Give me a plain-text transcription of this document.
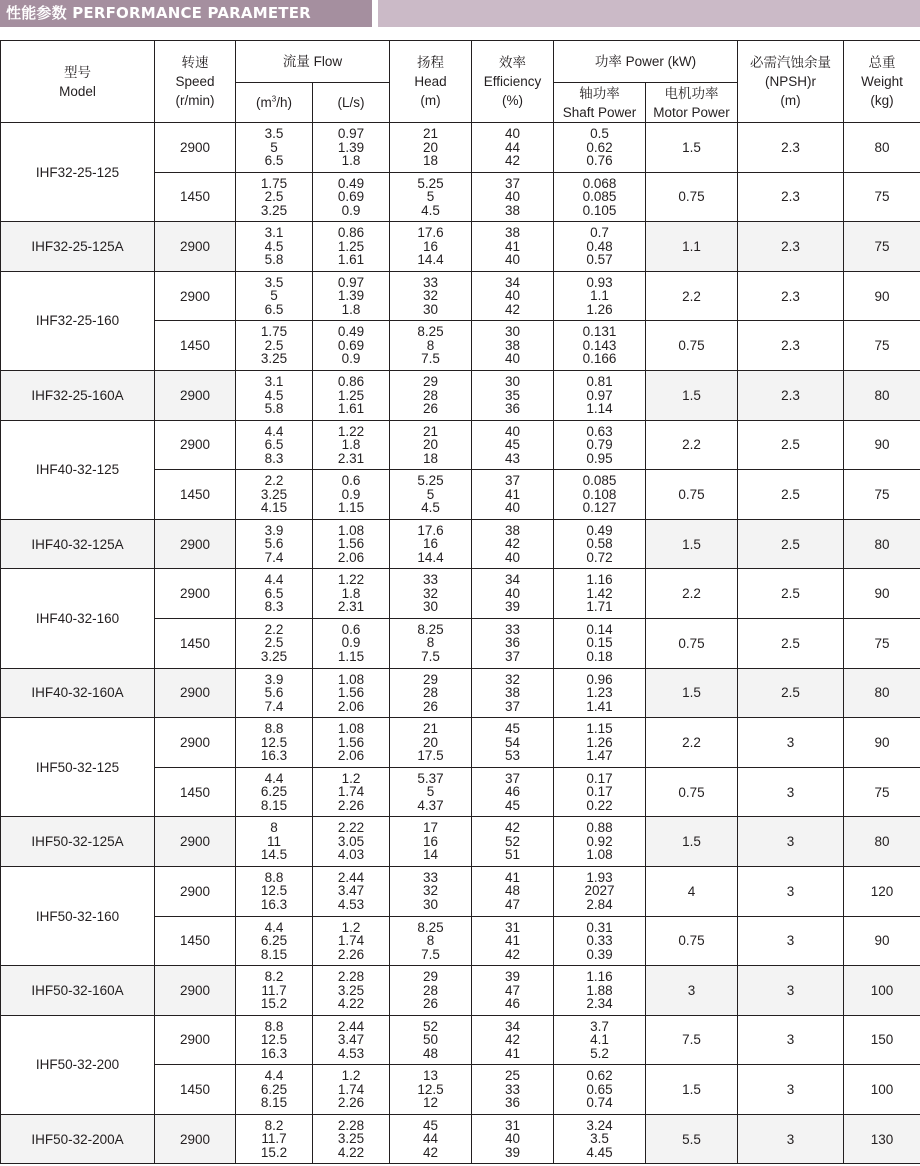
性能参数 PERFORMANCE PARAMETER
型号
Model	转速
Speed
(r/min)	流量 Flow		扬程
Head
(m)	效率
Efficiency
(%)	功率 Power (kW)		必需汽蚀余量
(NPSH)r
(m)	总重
Weight
(kg)
		$(m^3/h)$	(L/s)			轴功率
Shaft Power	电机功率
Motor Power		
IHF32-25-125	2900	3.5
5
6.5	0.97
1.39
1.8	21
20
18	40
44
42	0.5
0.62
0.76	1.5	2.3	80
	1450	1.75
2.5
3.25	0.49
0.69
0.9	5.25
5
4.5	37
40
38	0.068
0.085
0.105	0.75	2.3	75
IHF32-25-125A	2900	3.1
4.5
5.8	0.86
1.25
1.61	17.6
16
14.4	38
41
40	0.7
0.48
0.57	1.1	2.3	75
IHF32-25-160	2900	3.5
5
6.5	0.97
1.39
1.8	33
32
30	34
40
42	0.93
1.1
1.26	2.2	2.3	90
	1450	1.75
2.5
3.25	0.49
0.69
0.9	8.25
8
7.5	30
38
40	0.131
0.143
0.166	0.75	2.3	75
IHF32-25-160A	2900	3.1
4.5
5.8	0.86
1.25
1.61	29
28
26	30
35
36	0.81
0.97
1.14	1.5	2.3	80
IHF40-32-125	2900	4.4
6.5
8.3	1.22
1.8
2.31	21
20
18	40
45
43	0.63
0.79
0.95	2.2	2.5	90
	1450	2.2
3.25
4.15	0.6
0.9
1.15	5.25
5
4.5	37
41
40	0.085
0.108
0.127	0.75	2.5	75
IHF40-32-125A	2900	3.9
5.6
7.4	1.08
1.56
2.06	17.6
16
14.4	38
42
40	0.49
0.58
0.72	1.5	2.5	80
IHF40-32-160	2900	4.4
6.5
8.3	1.22
1.8
2.31	33
32
30	34
40
39	1.16
1.42
1.71	2.2	2.5	90
	1450	2.2
2.5
3.25	0.6
0.9
1.15	8.25
8
7.5	33
36
37	0.14
0.15
0.18	0.75	2.5	75
IHF40-32-160A	2900	3.9
5.6
7.4	1.08
1.56
2.06	29
28
26	32
38
37	0.96
1.23
1.41	1.5	2.5	80
IHF50-32-125	2900	8.8
12.5
16.3	1.08
1.56
2.06	21
20
17.5	45
54
53	1.15
1.26
1.47	2.2	3	90
	1450	4.4
6.25
8.15	1.2
1.74
2.26	5.37
5
4.37	37
46
45	0.17
0.17
0.22	0.75	3	75
IHF50-32-125A	2900	8
11
14.5	2.22
3.05
4.03	17
16
14	42
52
51	0.88
0.92
1.08	1.5	3	80
IHF50-32-160	2900	8.8
12.5
16.3	2.44
3.47
4.53	33
32
30	41
48
47	1.93
2027
2.84	4	3	120
	1450	4.4
6.25
8.15	1.2
1.74
2.26	8.25
8
7.5	31
41
42	0.31
0.33
0.39	0.75	3	90
IHF50-32-160A	2900	8.2
11.7
15.2	2.28
3.25
4.22	29
28
26	39
47
46	1.16
1.88
2.34	3	3	100
IHF50-32-200	2900	8.8
12.5
16.3	2.44
3.47
4.53	52
50
48	34
42
41	3.7
4.1
5.2	7.5	3	150
	1450	4.4
6.25
8.15	1.2
1.74
2.26	13
12.5
12	25
33
36	0.62
0.65
0.74	1.5	3	100
IHF50-32-200A	2900	8.2
11.7
15.2	2.28
3.25
4.22	45
44
42	31
40
39	3.24
3.5
4.45	5.5	3	130
